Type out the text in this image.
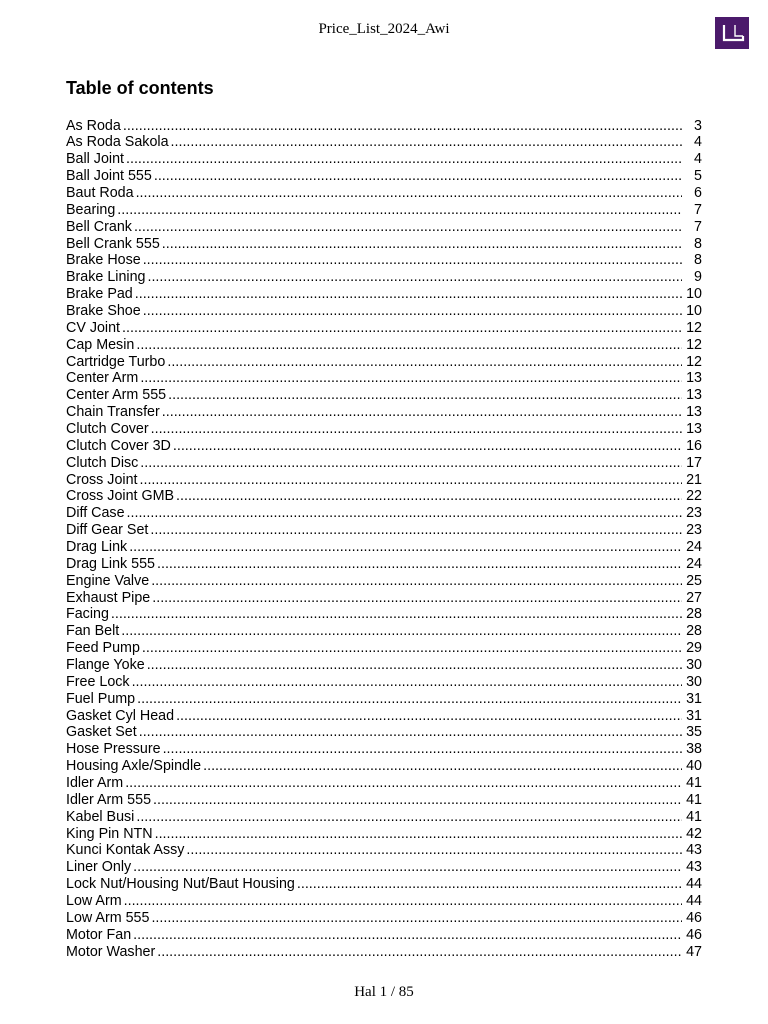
Price_List_2024_Awi
Table of contents
As Roda .....	3
As Roda Sakola .....	4
Ball Joint .....	4
Ball Joint 555 .....	5
Baut Roda .....	6
Bearing .....	7
Bell Crank .....	7
Bell Crank 555 .....	8
Brake Hose .....	8
Brake Lining .....	9
Brake Pad .....	10
Brake Shoe .....	10
CV Joint .....	12
Cap Mesin .....	12
Cartridge Turbo .....	12
Center Arm .....	13
Center Arm 555 .....	13
Chain Transfer .....	13
Clutch Cover .....	13
Clutch Cover 3D .....	16
Clutch Disc .....	17
Cross Joint .....	21
Cross Joint GMB .....	22
Diff Case .....	23
Diff Gear Set .....	23
Drag Link .....	24
Drag Link 555 .....	24
Engine Valve .....	25
Exhaust Pipe .....	27
Facing .....	28
Fan Belt .....	28
Feed Pump .....	29
Flange Yoke .....	30
Free Lock .....	30
Fuel Pump .....	31
Gasket Cyl Head .....	31
Gasket Set .....	35
Hose Pressure .....	38
Housing Axle/Spindle .....	40
Idler Arm .....	41
Idler Arm 555 .....	41
Kabel Busi .....	41
King Pin NTN .....	42
Kunci Kontak Assy .....	43
Liner Only .....	43
Lock Nut/Housing Nut/Baut Housing .....	44
Low Arm .....	44
Low Arm 555 .....	46
Motor Fan .....	46
Motor Washer .....	47
Hal 1 / 85
